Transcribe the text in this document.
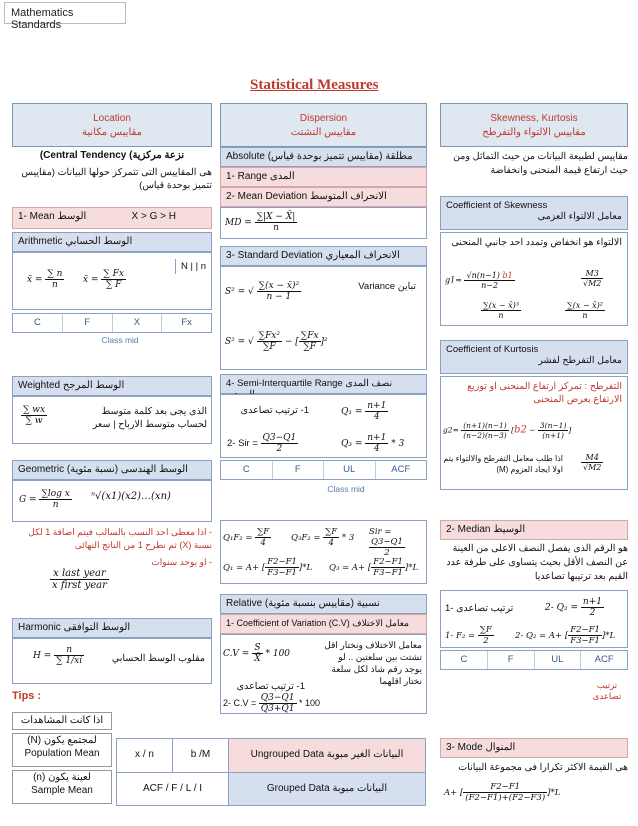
Mathematics Standards
Statistical Measures
Location
مقاييس مكانية
(Central Tendency (نزعة مركزية
هى المقاييس التى تتمركز حولها البيانات (مقاييس تتميز بوحدة قياس)
1- Mean الوسط	X > G > H
Arithmetic الوسط الحسابي
x̄ = $\frac{\sum n}{n}$ x̄ = $\frac{\sum Fx}{\sum F}$
N | | n
C	F	X	Fx
Class mid
Weighted الوسط المرجح
$\frac{\sum wx}{\sum w}$	الذى يجى بعد كلمة متوسط لحساب متوسط الارباح | سعر
Geometric الوسط الهندسى (نسبة مئوية)
$G = \frac{\text{∑log x}}{n}$ ⁿ√(x1)(x2)…(xn)
- اذا معطى احد النسب بالسالب فيتم اضافة 1 لكل نسبة (X) ثم نطرح 1 من الناتج النهائى
- او يوجد سنوات
$\frac{\text{x last year}}{\text{x first year}}$
Harmonic الوسط التوافقى
$H = \frac{n}{\sum 1/xi}$	مقلوب الوسط الحسابي
Tips :
اذا كانت المشاهدات
(N) لمجتمع يكون
Population Mean
(n) لعينة يكون
Sample Mean
Dispersion
مقاييس التشتت
Absolute مطلقة (مقاييس تتميز بوحدة قياس)
1- Range المدى
2- Mean Deviation الانحراف المتوسط
MD = $\frac{\sum|X - X̄|}{n}$
3- Standard Deviation الانحراف المعياري
S² = √ $\frac{\text{∑(x − x̄)²}}{n - 1}$	Variance تباين
S² = √ $\frac{\text{∑Fx²}}{\sum F}$ − [ $\frac{\sum Fx}{\sum F} ]^2$
4- Semi-Interquartile Range نصف المدى
1- ترتيب تصاعدى	$Q_1 = \frac{n+1}{4}$
2- Sir = $\frac{Q3-Q1}{2}$	$Q_3 = \frac{n+1}{4} * 3$
C	F	UL	ACF
Class mid
$Q_1F_2 = \frac{\sum F}{4} Q_3F_2 = \frac{\sum F}{4} * 3$
Sir =
$\frac{Q3-Q1}{2}$
Q₁ = A+ [ $\frac{F2-F1}{F3-F1} ]*L$ Q₃ = A+ [ $\frac{F2-F1}{F3-F1} ]*L$
Relative نسبية (مقاييس بنسبة مئوية)
1- Coefficient of Variation (C.V) معامل الاختلاف
$C.V = \frac{S}{X̄} * 100$
معامل الاختلاف ونختار اقل تشتت بين سلعتين .. لو يوجد رقم شاذ لكل سلعة نختار اقلهما
1- ترتيب تصاعدى
2- $C.V = \frac{Q3-Q1}{Q3+Q1} * 100$
x / n	b /M	Ungrouped Data البيانات الغير مبوبة
ACF / F / L / I	Grouped Data البيانات مبوبة
Skewness, Kurtosis
مقاييس الالتواء والتفرطح
مقاييس لطبيعة البيانات من حيث التماثل ومن حيث ارتفاع قيمة المنحنى وانخفاضة
Coefficient of Skewness
معامل الالتواء العزمى
الالتواء هو انخفاض وتمدد احد جانبي المنحنى
$g1= \frac{√n(n-1) b1}{n-2}$	$\frac{M3}{√M2}$
$\frac{\text{∑(x − x̄)³}}{n}$	$\frac{\text{∑(x − x̄)²}}{n}$
Coefficient of Kurtosis
معامل التفرطح لفشر
التفرطح : تمركز ارتفاع المنحنى او توزيع الارتفاع بعرض المنحنى
$g2= \frac{(n+1)(n-1)}{(n-2)(n-3)} [b2 - \frac{3(n-1)}{(n+1)}$ ]
اذا طلب معامل التفرطح والالتواء يتم اولا ايجاد العزوم $(M) \frac{M4}{√M2}$
2- Median الوسيط
هو الرقم الذى يفصل النصف الاعلى من العينة عن النصف الأقل بحيث يتساوى على طرفة عدد القيم بعد ترتيبها تصاعديا
1- ترتيب تصاعدى	2- $Q_2 = \frac{n+1}{2}$
1- $F_2 = \frac{\sum F}{2} 2-$ Q₂ = A+ [ $\frac{F2-F1}{F3-F1} ]*L$
C	F	UL	ACF
ترتيب تصاعدى
3- Mode المنوال
هى القيمة الاكثر تكرارا فى مجموعة البيانات
A+ [ $\frac{F2-F1}{(F2-F1)+(F2-F3)} ]*L$
